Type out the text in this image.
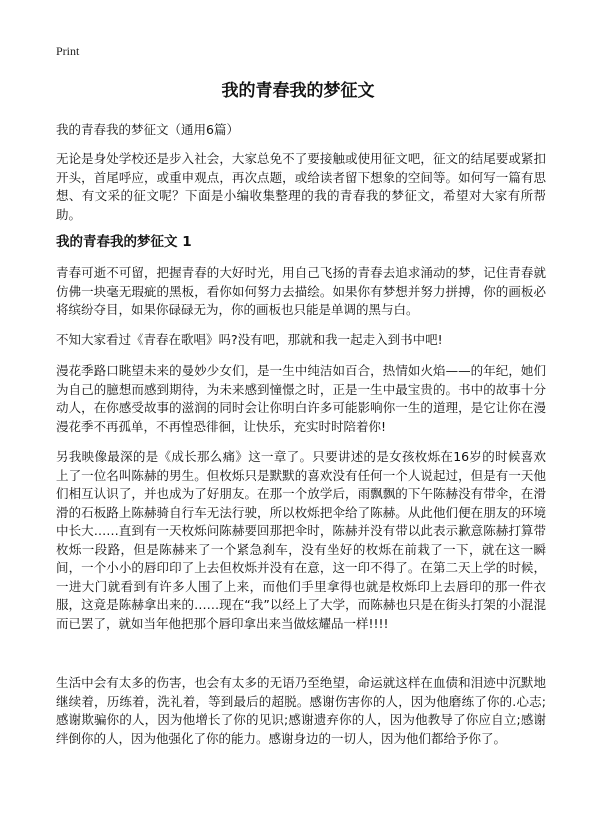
Print
我的青春我的梦征文

我的青春我的梦征文（通用6篇）

无论是身处学校还是步入社会，大家总免不了要接触或使用征文吧，征文的结尾要或紧扣开头，首尾呼应，或重申观点，再次点题，或给读者留下想象的空间等。如何写一篇有思想、有文采的征文呢？下面是小编收集整理的我的青春我的梦征文，希望对大家有所帮助。

我的青春我的梦征文 1

青春可逝不可留，把握青春的大好时光，用自己飞扬的青春去追求涌动的梦，记住青春就仿佛一块毫无瑕疵的黑板，看你如何努力去描绘。如果你有梦想并努力拼搏，你的画板必将缤纷夺目，如果你碌碌无为，你的画板也只能是单调的黑与白。

不知大家看过《青春在歌唱》吗?没有吧，那就和我一起走入到书中吧!

漫花季路口眺望未来的曼妙少女们，是一生中纯洁如百合，热情如火焰——的年纪，她们为自己的臆想而感到期待，为未来感到憧憬之时，正是一生中最宝贵的。书中的故事十分动人，在你感受故事的滋润的同时会让你明白许多可能影响你一生的道理，是它让你在漫漫花季不再孤单，不再惶恐徘徊，让快乐，充实时时陪着你!

另我映像最深的是《成长那么痛》这一章了。只要讲述的是女孩枚烁在16岁的时候喜欢上了一位名叫陈赫的男生。但枚烁只是默默的喜欢没有任何一个人说起过，但是有一天他们相互认识了，并也成为了好朋友。在那一个放学后，雨飘飘的下午陈赫没有带伞，在滑滑的石板路上陈赫骑自行车无法行驶，所以枚烁把伞给了陈赫。从此他们便在朋友的环境中长大……直到有一天枚烁问陈赫要回那把伞时，陈赫并没有带以此表示歉意陈赫打算带枚烁一段路，但是陈赫来了一个紧急刹车，没有坐好的枚烁在前栽了一下，就在这一瞬间，一个小小的唇印印了上去但枚烁并没有在意，这一印不得了。在第二天上学的时候，一进大门就看到有许多人围了上来，而他们手里拿得也就是枚烁印上去唇印的那一件衣服，这竟是陈赫拿出来的……现在“我”以经上了大学，而陈赫也只是在街头打架的小混混而已罢了，就如当年他把那个唇印拿出来当做炫耀品一样!!!!

生活中会有太多的伤害，也会有太多的无语乃至绝望，命运就这样在血债和泪迹中沉默地继续着，历练着，洗礼着，等到最后的超脱。感谢伤害你的人，因为他磨练了你的.心志;感谢欺骗你的人，因为他增长了你的见识;感谢遗弃你的人，因为他教导了你应自立;感谢绊倒你的人，因为他强化了你的能力。感谢身边的一切人，因为他们都给予你了。
